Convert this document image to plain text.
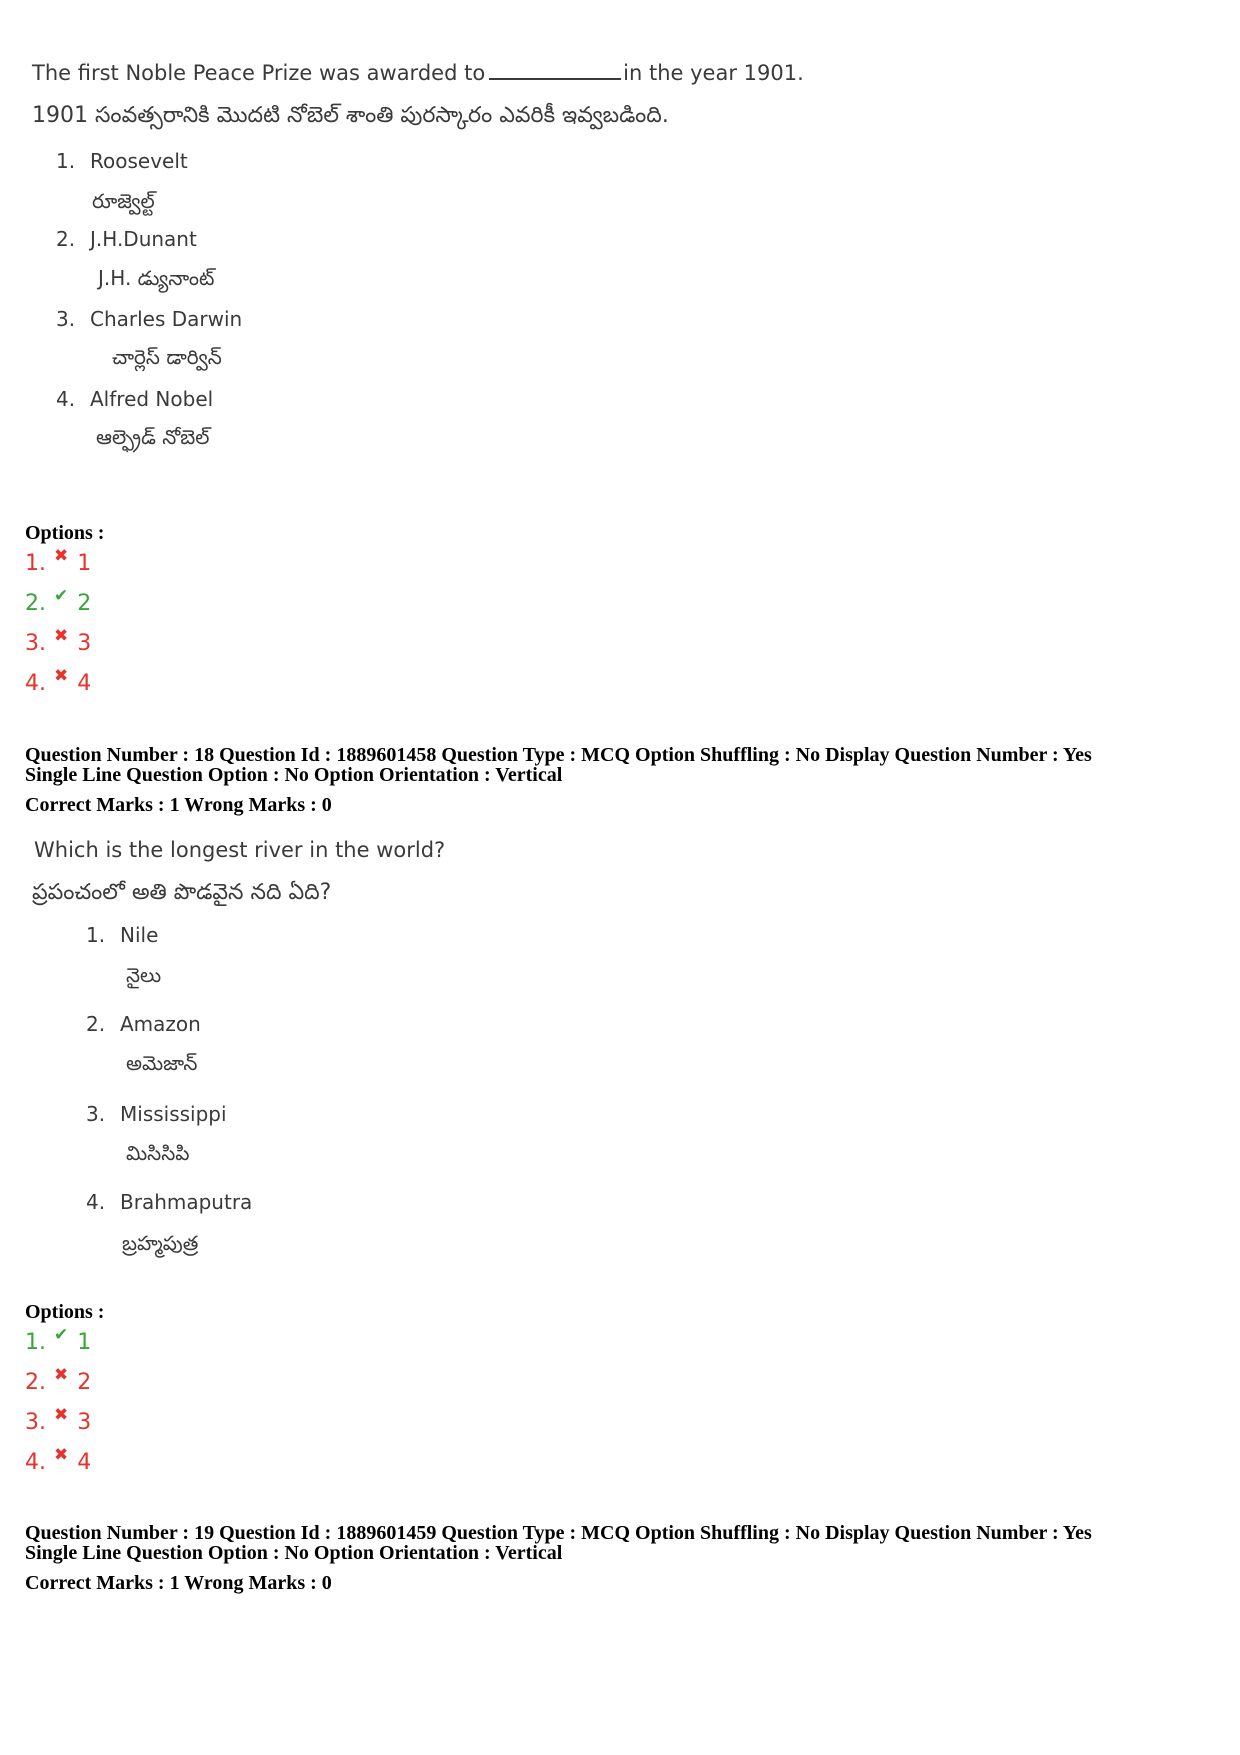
The first Noble Peace Prize was awarded to	in the year 1901.
1901 సంవత్సరానికి మొదటి నోబెల్ శాంతి పురస్కారం ఎవరికీ ఇవ్వబడింది.
1. Roosevelt
రూజ్వెల్ట్
2. J.H.Dunant
J.H. డ్యునాంట్
3. Charles Darwin
చార్లెస్ డార్విన్
4. Alfred Nobel
ఆల్ఫ్రెడ్ నోబెల్
Options :
1. ✖ 1
2. ✔ 2
3. ✖ 3
4. ✖ 4
Question Number : 18 Question Id : 1889601458 Question Type : MCQ Option Shuffling : No Display Question Number : Yes
Single Line Question Option : No Option Orientation : Vertical
Correct Marks : 1 Wrong Marks : 0
Which is the longest river in the world?
ప్రపంచంలో అతి పొడవైన నది ఏది?
1. Nile
నైలు
2. Amazon
అమెజాన్
3. Mississippi
మిసిసిపి
4. Brahmaputra
బ్రహ్మపుత్ర
Options :
1. ✔ 1
2. ✖ 2
3. ✖ 3
4. ✖ 4
Question Number : 19 Question Id : 1889601459 Question Type : MCQ Option Shuffling : No Display Question Number : Yes
Single Line Question Option : No Option Orientation : Vertical
Correct Marks : 1 Wrong Marks : 0
